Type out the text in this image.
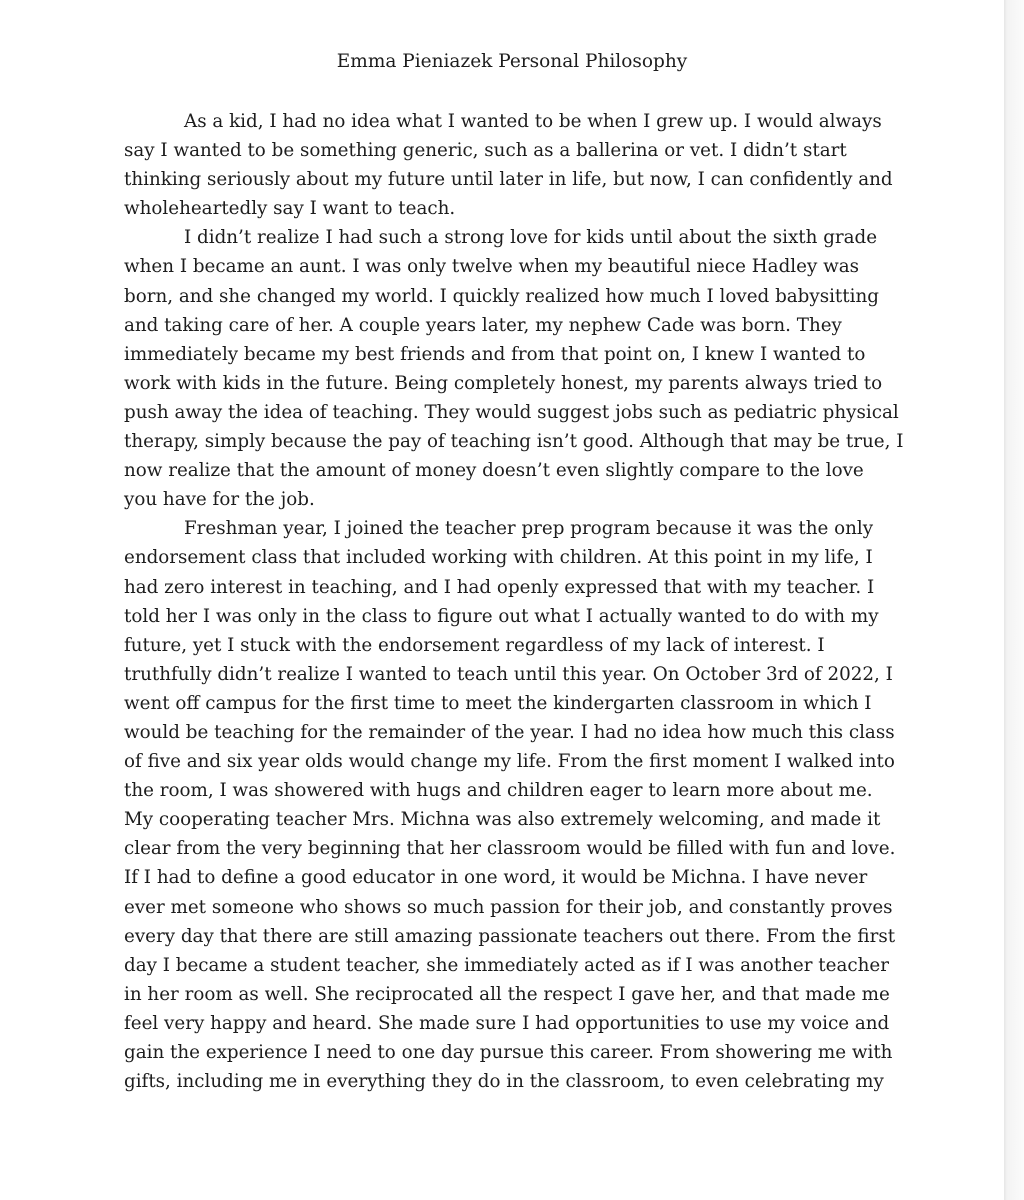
Emma Pieniazek Personal Philosophy

As a kid, I had no idea what I wanted to be when I grew up. I would always
say I wanted to be something generic, such as a ballerina or vet. I didn’t start
thinking seriously about my future until later in life, but now, I can confidently and
wholeheartedly say I want to teach.

I didn’t realize I had such a strong love for kids until about the sixth grade
when I became an aunt. I was only twelve when my beautiful niece Hadley was
born, and she changed my world. I quickly realized how much I loved babysitting
and taking care of her. A couple years later, my nephew Cade was born. They
immediately became my best friends and from that point on, I knew I wanted to
work with kids in the future. Being completely honest, my parents always tried to
push away the idea of teaching. They would suggest jobs such as pediatric physical
therapy, simply because the pay of teaching isn’t good. Although that may be true, I
now realize that the amount of money doesn’t even slightly compare to the love
you have for the job.

Freshman year, I joined the teacher prep program because it was the only
endorsement class that included working with children. At this point in my life, I
had zero interest in teaching, and I had openly expressed that with my teacher. I
told her I was only in the class to figure out what I actually wanted to do with my
future, yet I stuck with the endorsement regardless of my lack of interest. I
truthfully didn’t realize I wanted to teach until this year. On October 3rd of 2022, I
went off campus for the first time to meet the kindergarten classroom in which I
would be teaching for the remainder of the year. I had no idea how much this class
of five and six year olds would change my life. From the first moment I walked into
the room, I was showered with hugs and children eager to learn more about me.
My cooperating teacher Mrs. Michna was also extremely welcoming, and made it
clear from the very beginning that her classroom would be filled with fun and love.
If I had to define a good educator in one word, it would be Michna. I have never
ever met someone who shows so much passion for their job, and constantly proves
every day that there are still amazing passionate teachers out there. From the first
day I became a student teacher, she immediately acted as if I was another teacher
in her room as well. She reciprocated all the respect I gave her, and that made me
feel very happy and heard. She made sure I had opportunities to use my voice and
gain the experience I need to one day pursue this career. From showering me with
gifts, including me in everything they do in the classroom, to even celebrating my
